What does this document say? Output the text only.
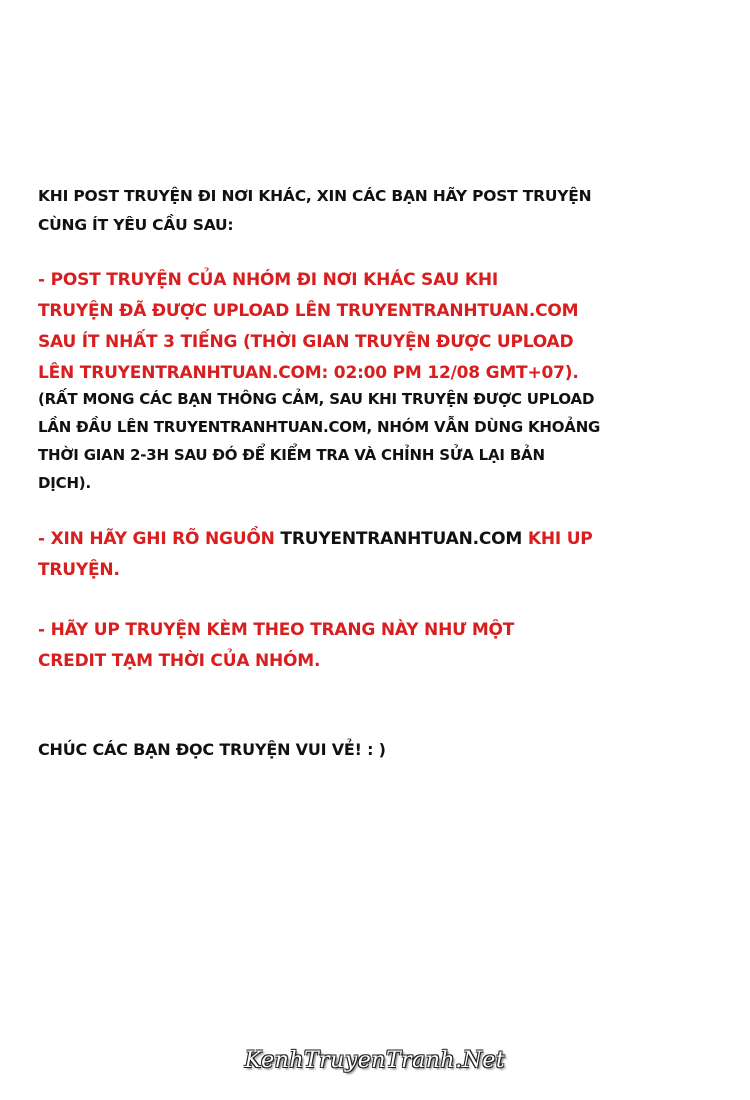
KHI POST TRUYỆN ĐI NƠI KHÁC, XIN CÁC BẠN HÃY POST TRUYỆN
CÙNG ÍT YÊU CẦU SAU:
- POST TRUYỆN CỦA NHÓM ĐI NƠI KHÁC SAU KHI
TRUYỆN ĐÃ ĐƯỢC UPLOAD LÊN TRUYENTRANHTUAN.COM
SAU ÍT NHẤT 3 TIẾNG (THỜI GIAN TRUYỆN ĐƯỢC UPLOAD
LÊN TRUYENTRANHTUAN.COM: 02:00 PM 12/08 GMT+07).
(RẤT MONG CÁC BẠN THÔNG CẢM, SAU KHI TRUYỆN ĐƯỢC UPLOAD
LẦN ĐẦU LÊN TRUYENTRANHTUAN.COM, NHÓM VẪN DÙNG KHOẢNG
THỜI GIAN 2-3H SAU ĐÓ ĐỂ KIỂM TRA VÀ CHỈNH SỬA LẠI BẢN
DỊCH).
- XIN HÃY GHI RÕ NGUỒN TRUYENTRANHTUAN.COM KHI UP
TRUYỆN.
- HÃY UP TRUYỆN KÈM THEO TRANG NÀY NHƯ MỘT
CREDIT TẠM THỜI CỦA NHÓM.
CHÚC CÁC BẠN ĐỌC TRUYỆN VUI VẺ! : )
KenhTruyenTranh.Net
